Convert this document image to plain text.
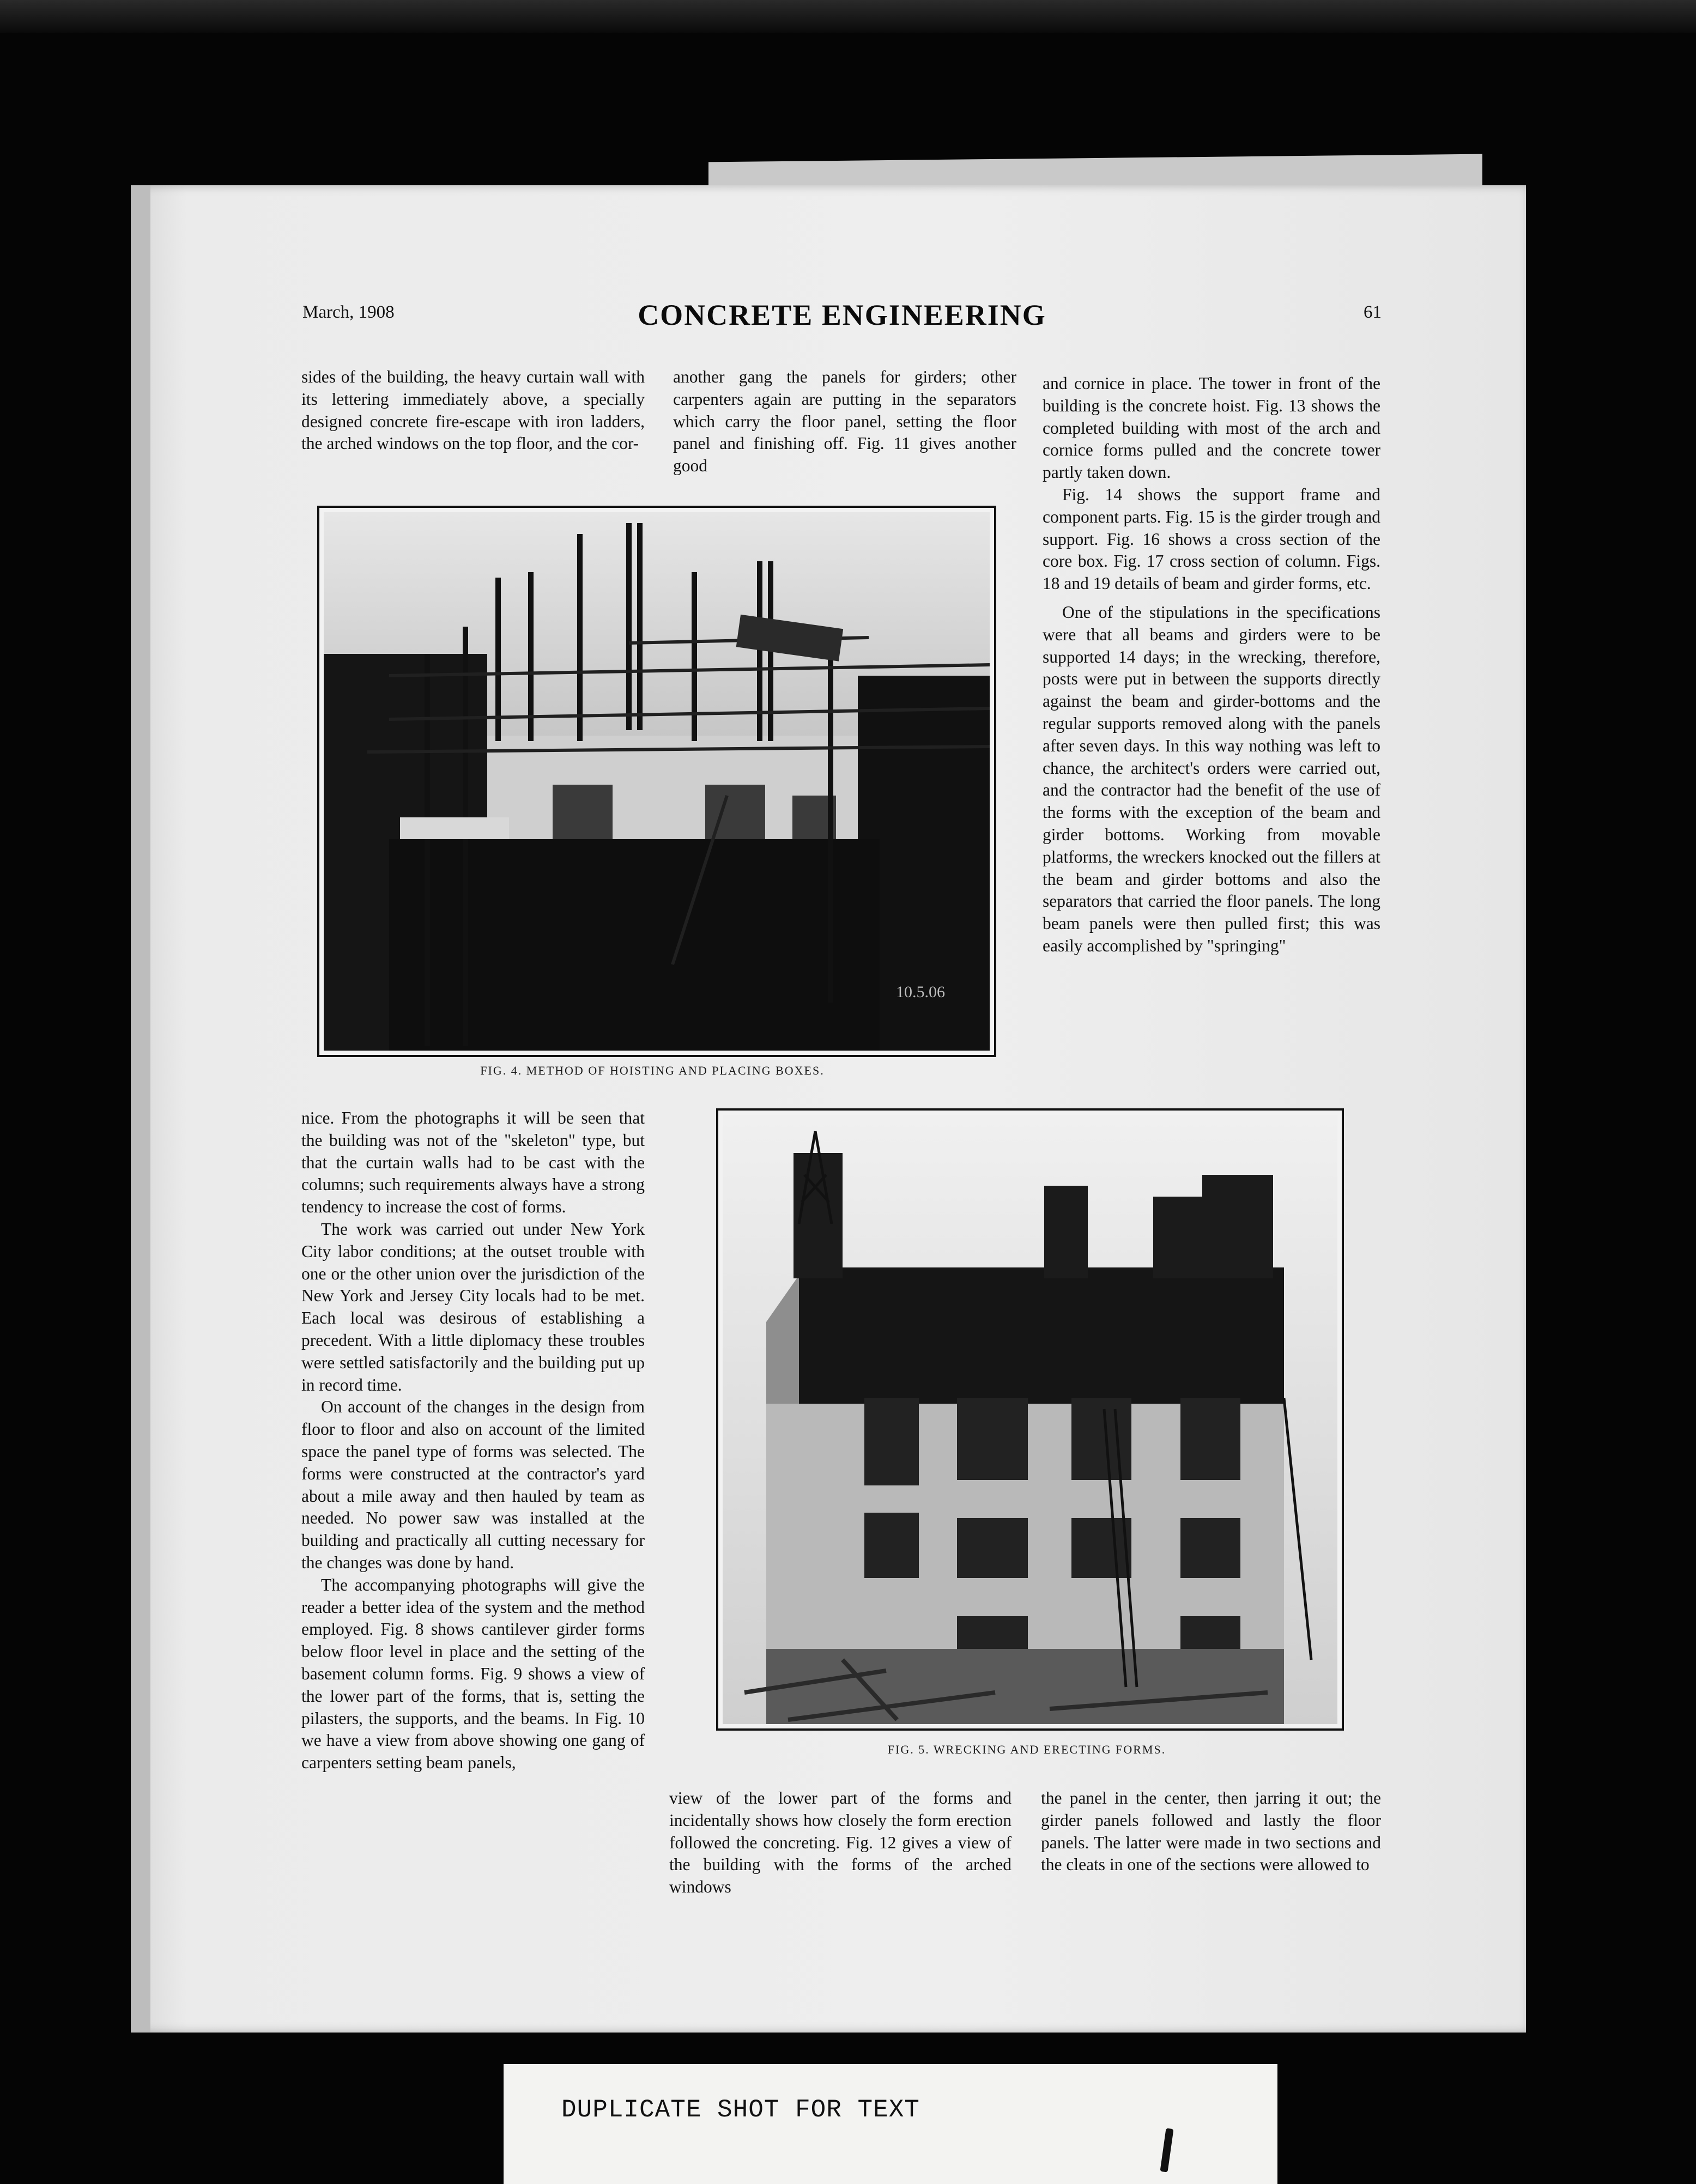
March, 1908	CONCRETE ENGINEERING	61

sides of the building, the heavy curtain wall with its lettering immediately above, a specially designed concrete fire-escape with iron ladders, the arched windows on the top floor, and the cor-

another gang the panels for girders; other carpenters again are putting in the separators which carry the floor panel, setting the floor panel and finishing off. Fig. 11 gives another good

and cornice in place. The tower in front of the building is the concrete hoist. Fig. 13 shows the completed building with most of the arch and cornice forms pulled and the concrete tower partly taken down.

Fig. 14 shows the support frame and component parts. Fig. 15 is the girder trough and support. Fig. 16 shows a cross section of the core box. Fig. 17 cross section of column. Figs. 18 and 19 details of beam and girder forms, etc.

One of the stipulations in the specifications were that all beams and girders were to be supported 14 days; in the wrecking, therefore, posts were put in between the supports directly against the beam and girder-bottoms and the regular supports removed along with the panels after seven days. In this way nothing was left to chance, the architect's orders were carried out, and the contractor had the benefit of the use of the forms with the exception of the beam and girder bottoms. Working from movable platforms, the wreckers knocked out the fillers at the beam and girder bottoms and also the separators that carried the floor panels. The long beam panels were then pulled first; this was easily accomplished by "springing"

10.5.06
FIG. 4. METHOD OF HOISTING AND PLACING BOXES.

nice. From the photographs it will be seen that the building was not of the "skeleton" type, but that the curtain walls had to be cast with the columns; such requirements always have a strong tendency to increase the cost of forms.

The work was carried out under New York City labor conditions; at the outset trouble with one or the other union over the jurisdiction of the New York and Jersey City locals had to be met. Each local was desirous of establishing a precedent. With a little diplomacy these troubles were settled satisfactorily and the building put up in record time.

On account of the changes in the design from floor to floor and also on account of the limited space the panel type of forms was selected. The forms were constructed at the contractor's yard about a mile away and then hauled by team as needed. No power saw was installed at the building and practically all cutting necessary for the changes was done by hand.

The accompanying photographs will give the reader a better idea of the system and the method employed. Fig. 8 shows cantilever girder forms below floor level in place and the setting of the basement column forms. Fig. 9 shows a view of the lower part of the forms, that is, setting the pilasters, the supports, and the beams. In Fig. 10 we have a view from above showing one gang of carpenters setting beam panels,

FIG. 5. WRECKING AND ERECTING FORMS.

view of the lower part of the forms and incidentally shows how closely the form erection followed the concreting. Fig. 12 gives a view of the building with the forms of the arched windows

the panel in the center, then jarring it out; the girder panels followed and lastly the floor panels. The latter were made in two sections and the cleats in one of the sections were allowed to

DUPLICATE SHOT FOR TEXT
